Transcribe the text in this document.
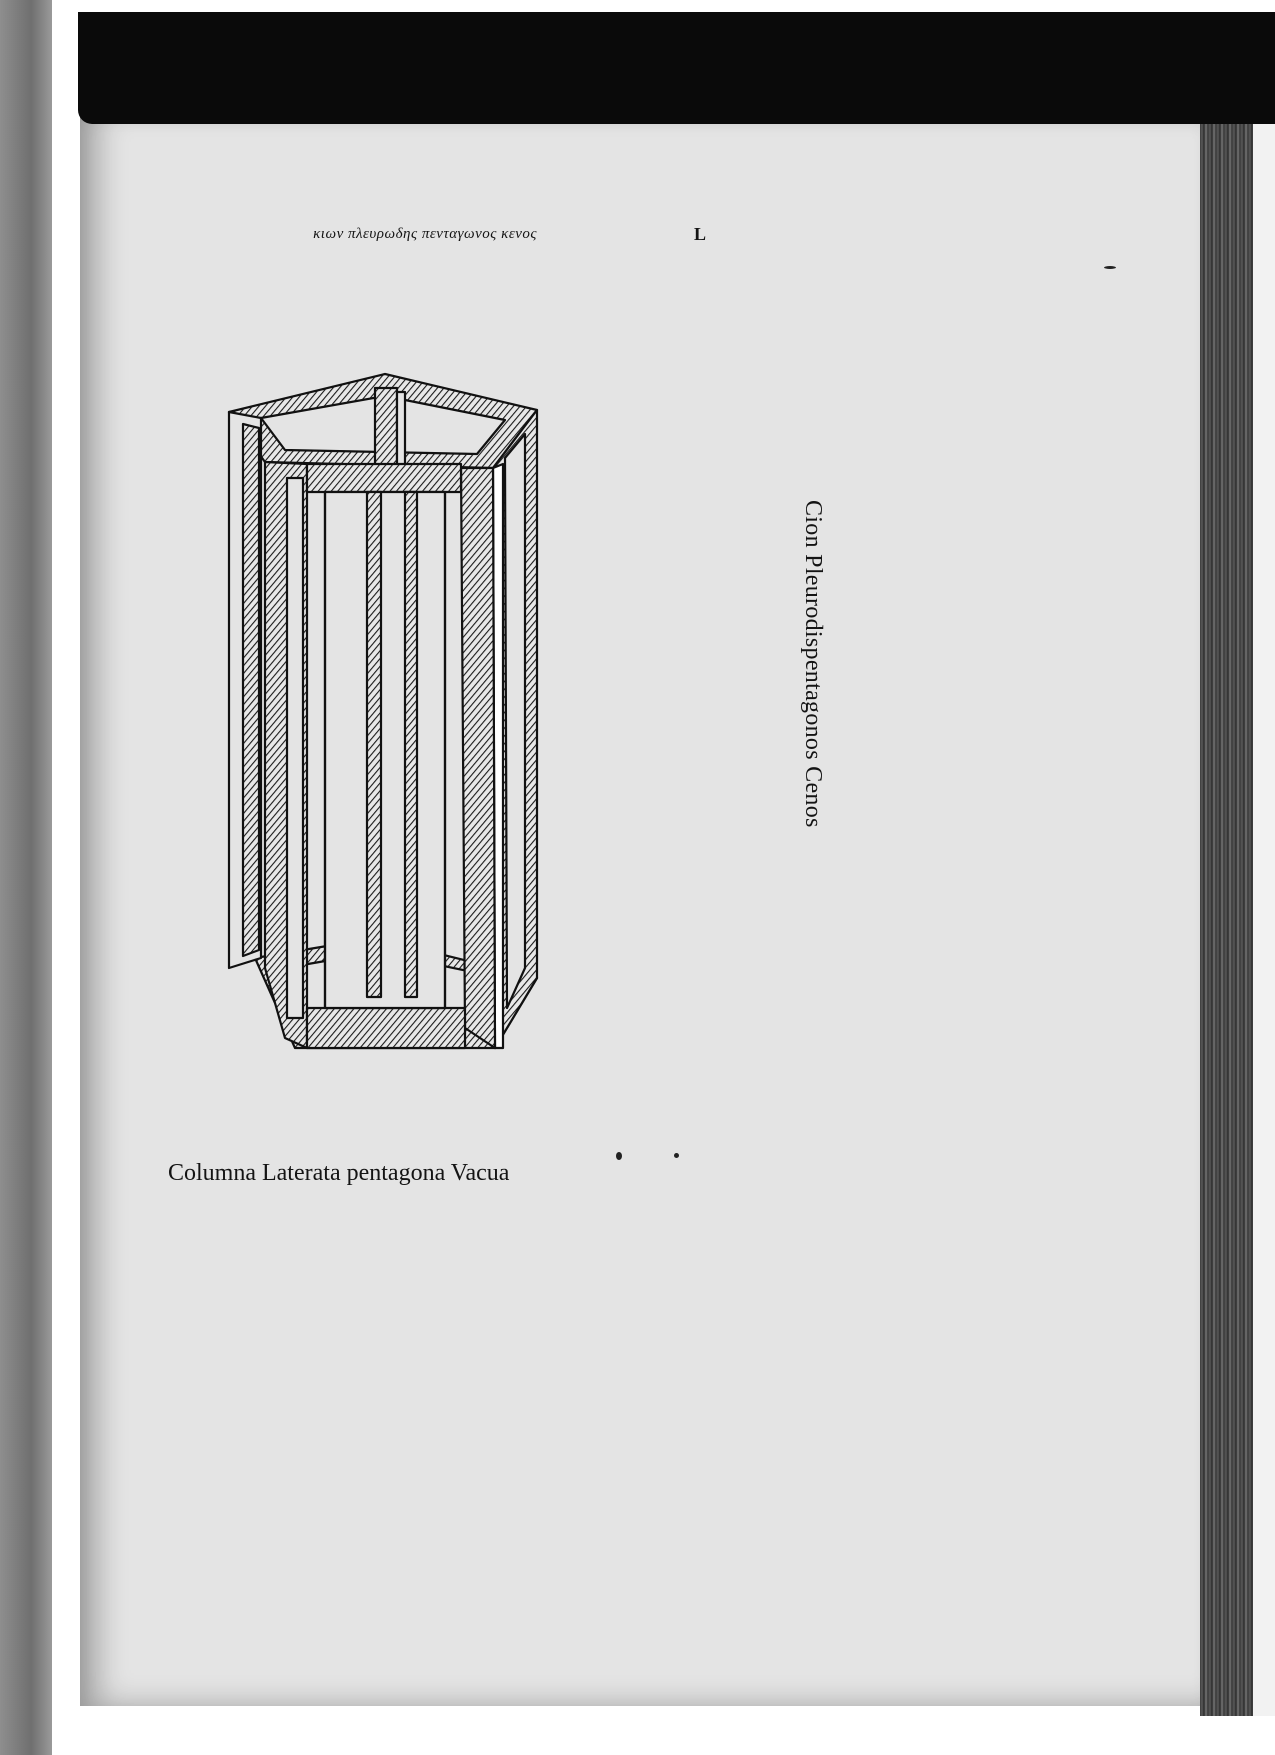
κιων πλευρωδης πενταγωνος κενος	L
Cion Pleurodispentagonos Cenos
Columna Laterata pentagona Vacua
